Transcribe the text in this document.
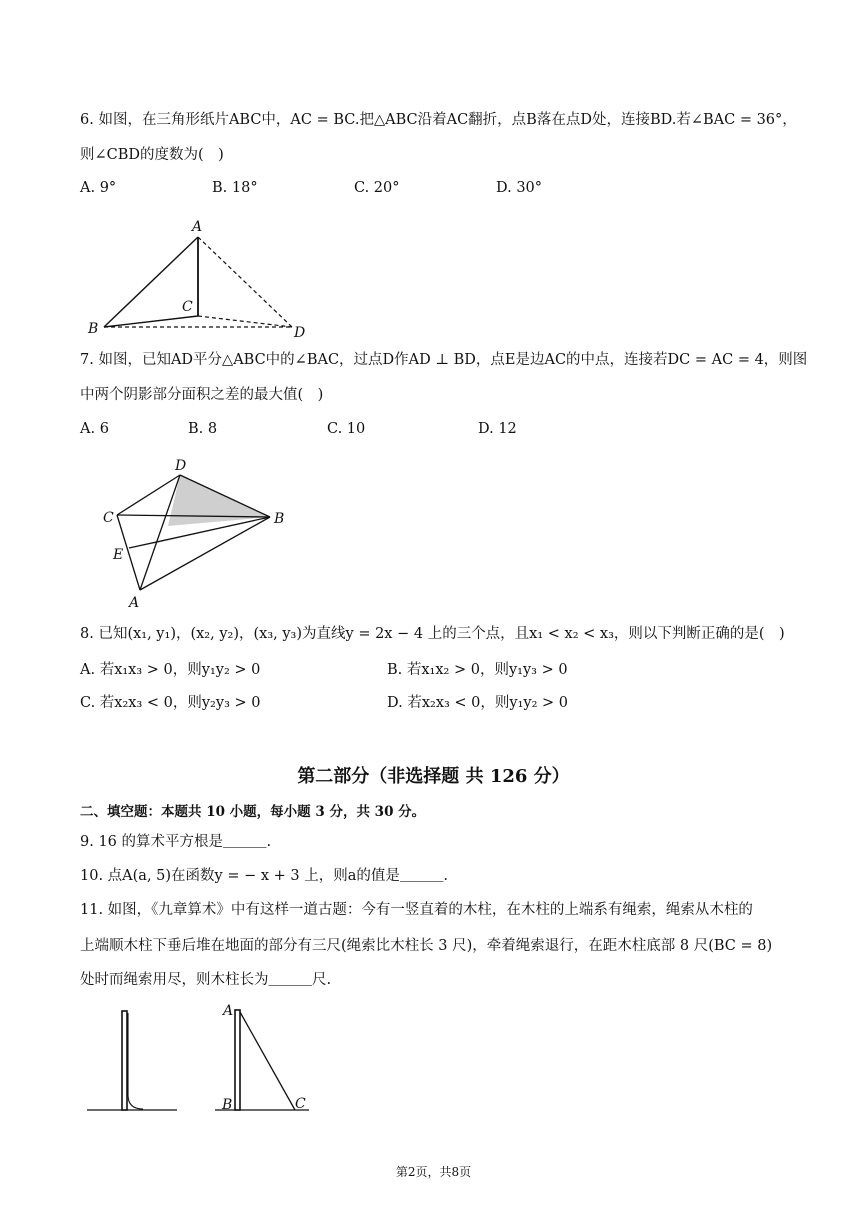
6. 如图，在三角形纸片ABC中，AC = BC.把△ABC沿着AC翻折，点B落在点D处，连接BD.若∠BAC = 36°，
则∠CBD的度数为(　)
A. 9°	B. 18°	C. 20°	D. 30°
A
B
C
D
7. 如图，已知AD平分△ABC中的∠BAC，过点D作AD ⊥ BD，点E是边AC的中点，连接若DC = AC = 4，则图
中两个阴影部分面积之差的最大值(　)
A. 6	B. 8	C. 10	D. 12
D
C	B
E
A
8. 已知(x₁, y₁)，(x₂, y₂)，(x₃, y₃)为直线y = 2x − 4 上的三个点，且x₁ < x₂ < x₃，则以下判断正确的是(　)
A. 若x₁x₃ > 0，则y₁y₂ > 0	B. 若x₁x₂ > 0，则y₁y₃ > 0
C. 若x₂x₃ < 0，则y₂y₃ > 0	D. 若x₂x₃ < 0，则y₁y₂ > 0
第二部分（非选择题 共 126 分）
二、填空题：本题共 10 小题，每小题 3 分，共 30 分。
9. 16 的算术平方根是＿＿＿.
10. 点A(a, 5)在函数y = − x + 3 上，则a的值是＿＿＿.
11. 如图，《九章算术》中有这样一道古题：今有一竖直着的木柱，在木柱的上端系有绳索，绳索从木柱的
上端顺木柱下垂后堆在地面的部分有三尺(绳索比木柱长 3 尺)，牵着绳索退行，在距木柱底部 8 尺(BC = 8)
处时而绳索用尽，则木柱长为＿＿＿尺.
A
B	C
第2页，共8页
